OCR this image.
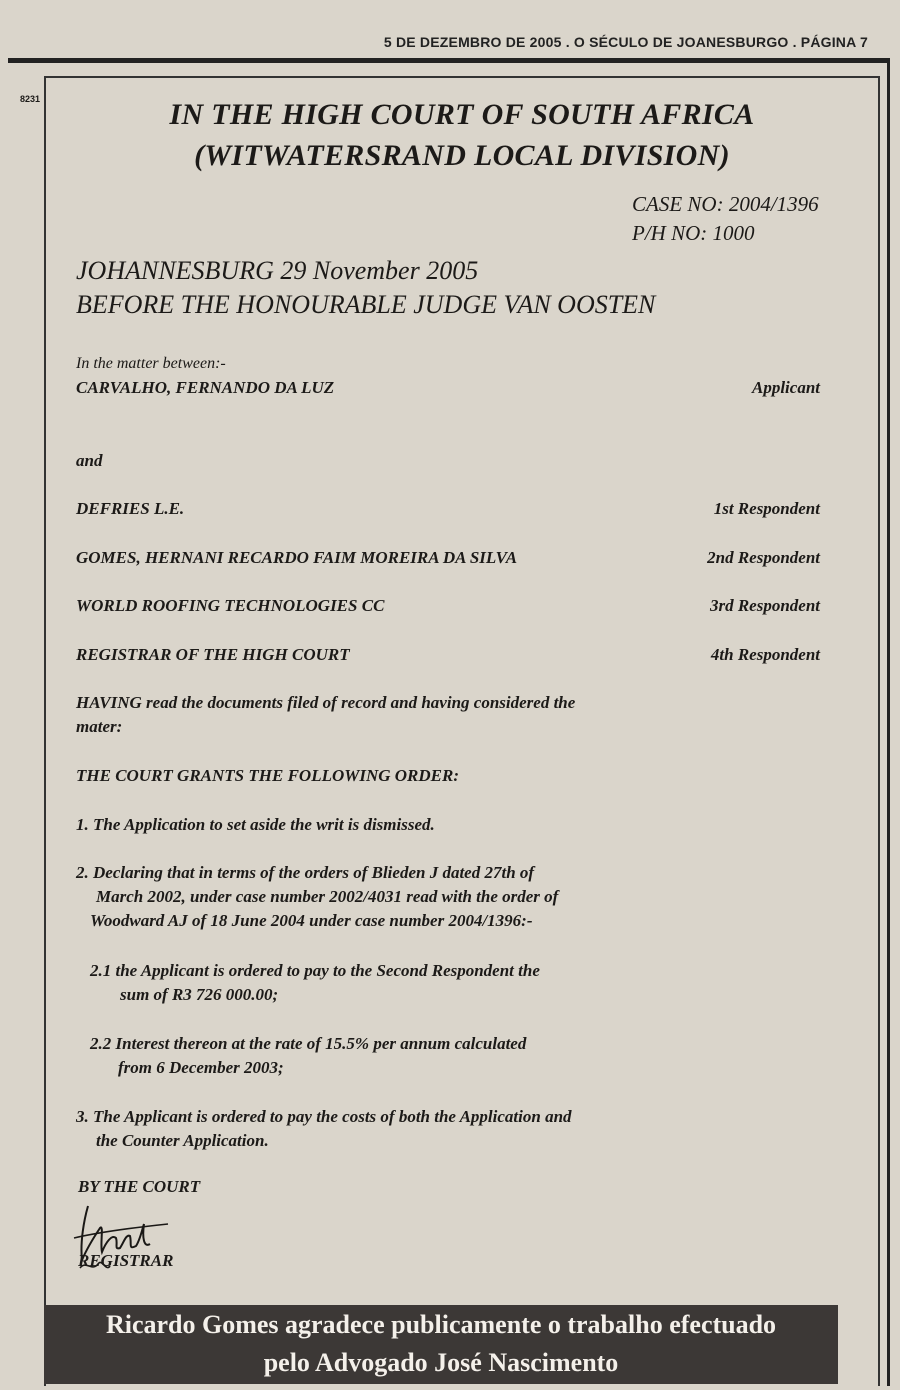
5 DE DEZEMBRO DE 2005 . O SÉCULO DE JOANESBURGO . PÁGINA 7
8231	IN THE HIGH COURT OF SOUTH AFRICA
(WITWATERSRAND LOCAL DIVISION)
CASE NO: 2004/1396
P/H NO: 1000
JOHANNESBURG 29 November 2005
BEFORE THE HONOURABLE JUDGE VAN OOSTEN
In the matter between:-
CARVALHO, FERNANDO DA LUZ	Applicant
and
DEFRIES L.E.	1st Respondent
GOMES, HERNANI RECARDO FAIM MOREIRA DA SILVA	2nd Respondent
WORLD ROOFING TECHNOLOGIES CC	3rd Respondent
REGISTRAR OF THE HIGH COURT	4th Respondent
HAVING read the documents filed of record and having considered the
mater:
THE COURT GRANTS THE FOLLOWING ORDER:
1. The Application to set aside the writ is dismissed.
2. Declaring that in terms of the orders of Blieden J dated 27th of
March 2002, under case number 2002/4031 read with the order of
Woodward AJ of 18 June 2004 under case number 2004/1396:-
2.1 the Applicant is ordered to pay to the Second Respondent the
sum of R3 726 000.00;
2.2 Interest thereon at the rate of 15.5% per annum calculated
from 6 December 2003;
3. The Applicant is ordered to pay the costs of both the Application and
the Counter Application.
BY THE COURT
REGISTRAR
Ricardo Gomes agradece publicamente o trabalho efectuado
pelo Advogado José Nascimento
